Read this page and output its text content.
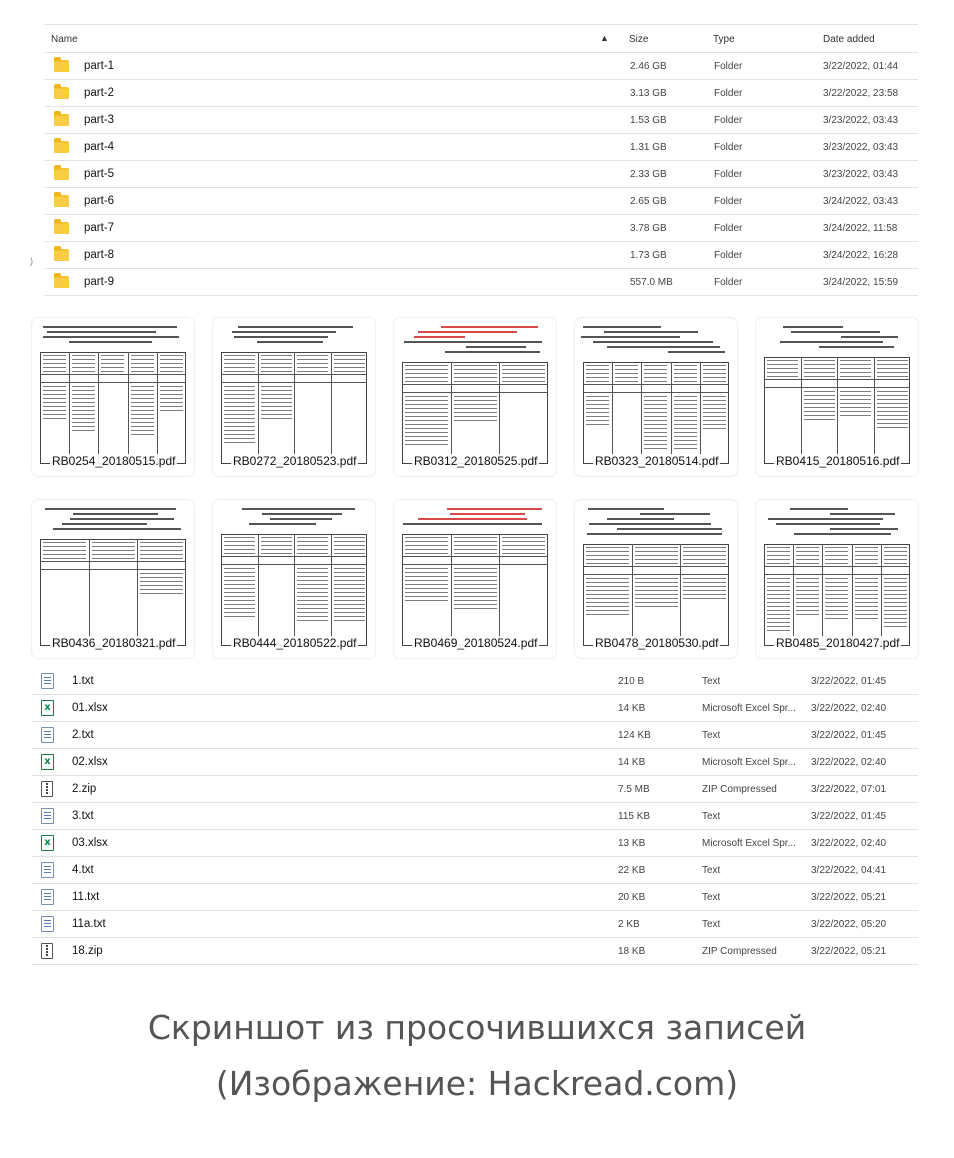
Name	▲ Size	Type	Date added
part-1	2.46 GB	Folder	3/22/2022, 01:44
part-2	3.13 GB	Folder	3/22/2022, 23:58
part-3	1.53 GB	Folder	3/23/2022, 03:43
part-4	1.31 GB	Folder	3/23/2022, 03:43
part-5	2.33 GB	Folder	3/23/2022, 03:43
part-6	2.65 GB	Folder	3/24/2022, 03:43
part-7	3.78 GB	Folder	3/24/2022, 11:58
part-8	1.73 GB	Folder	3/24/2022, 16:28
part-9	557.0 MB	Folder	3/24/2022, 15:59
)
RB0254_20180515.pdf	RB0272_20180523.pdf	RB0312_20180525.pdf	RB0323_20180514.pdf	RB0415_20180516.pdf
RB0436_20180321.pdf	RB0444_20180522.pdf	RB0469_20180524.pdf	RB0478_20180530.pdf	RB0485_20180427.pdf
1.txt	210 B	Text	3/22/2022, 01:45
x
01.xlsx	14 KB	Microsoft Excel Spr... 3/22/2022, 02:40
2.txt	124 KB	Text	3/22/2022, 01:45
x
02.xlsx	14 KB	Microsoft Excel Spr... 3/22/2022, 02:40
2.zip	7.5 MB	ZIP Compressed	3/22/2022, 07:01
3.txt	115 KB	Text	3/22/2022, 01:45
x
03.xlsx	13 KB	Microsoft Excel Spr... 3/22/2022, 02:40
4.txt	22 KB	Text	3/22/2022, 04:41
11.txt	20 KB	Text	3/22/2022, 05:21
11a.txt	2 KB	Text	3/22/2022, 05:20
18.zip	18 KB	ZIP Compressed	3/22/2022, 05:21
Скриншот из просочившихся записей
(Изображение: Hackread.com)
